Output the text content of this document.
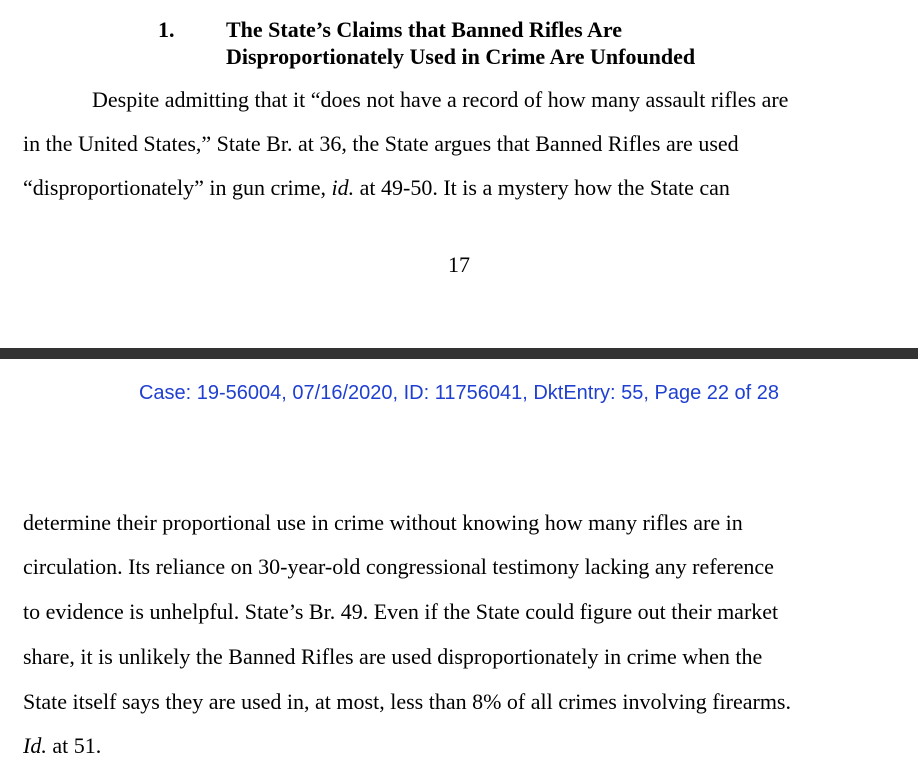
1. The State’s Claims that Banned Rifles Are
Disproportionately Used in Crime Are Unfounded
Despite admitting that it “does not have a record of how many assault rifles are
in the United States,” State Br. at 36, the State argues that Banned Rifles are used
“disproportionately” in gun crime, id. at 49-50. It is a mystery how the State can
17
Case: 19-56004, 07/16/2020, ID: 11756041, DktEntry: 55, Page 22 of 28
determine their proportional use in crime without knowing how many rifles are in
circulation. Its reliance on 30-year-old congressional testimony lacking any reference
to evidence is unhelpful. State’s Br. 49. Even if the State could figure out their market
share, it is unlikely the Banned Rifles are used disproportionately in crime when the
State itself says they are used in, at most, less than 8% of all crimes involving firearms.
Id. at 51.
